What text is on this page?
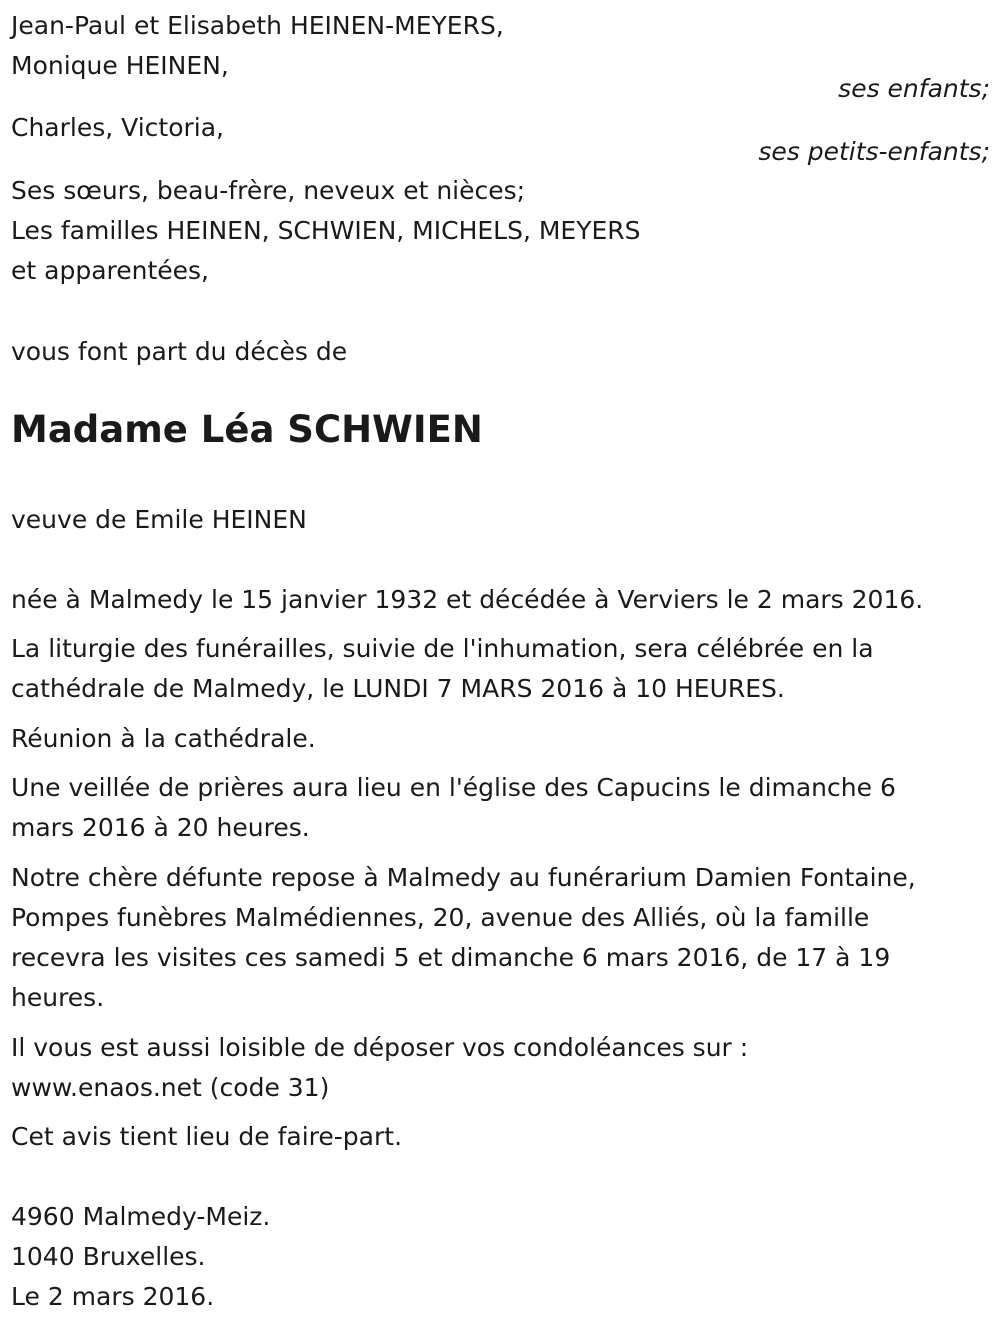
Jean-Paul et Elisabeth HEINEN-MEYERS,
Monique HEINEN,
ses enfants;
Charles, Victoria,
ses petits-enfants;
Ses sœurs, beau-frère, neveux et nièces;
Les familles HEINEN, SCHWIEN, MICHELS, MEYERS
et apparentées,
vous font part du décès de
Madame Léa SCHWIEN
veuve de Emile HEINEN
née à Malmedy le 15 janvier 1932 et décédée à Verviers le 2 mars 2016.
La liturgie des funérailles, suivie de l'inhumation, sera célébrée en la
cathédrale de Malmedy, le LUNDI 7 MARS 2016 à 10 HEURES.
Réunion à la cathédrale.
Une veillée de prières aura lieu en l'église des Capucins le dimanche 6
mars 2016 à 20 heures.
Notre chère défunte repose à Malmedy au funérarium Damien Fontaine,
Pompes funèbres Malmédiennes, 20, avenue des Alliés, où la famille
recevra les visites ces samedi 5 et dimanche 6 mars 2016, de 17 à 19
heures.
Il vous est aussi loisible de déposer vos condoléances sur :
www.enaos.net (code 31)
Cet avis tient lieu de faire-part.
4960 Malmedy-Meiz.
1040 Bruxelles.
Le 2 mars 2016.
